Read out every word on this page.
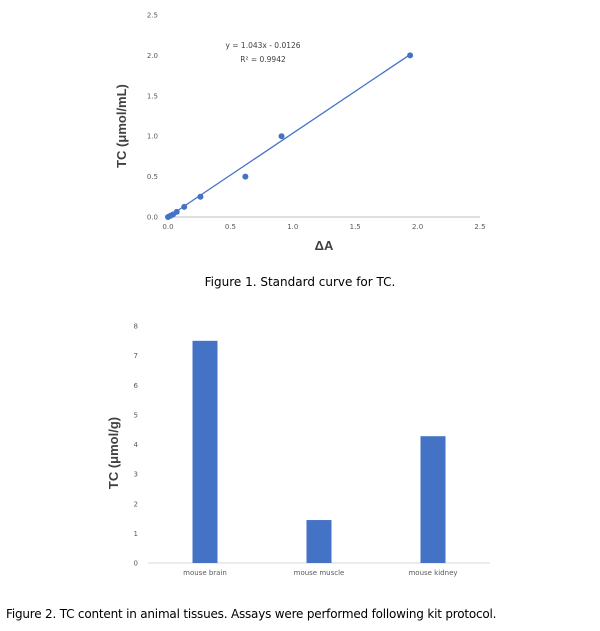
0.0
0.5
1.0
1.5
2.0
2.5
0.0	0.5	1.0	1.5	2.0	2.5
y = 1.043x - 0.0126
R² = 0.9942
ΔA
TC (μmol/mL)
Figure 1. Standard curve for TC.
0
1
2
3
4
5
6
7
8
mouse brain	mouse muscle	mouse kidney
TC (μmol/g)
Figure 2. TC content in animal tissues. Assays were performed following kit protocol.
